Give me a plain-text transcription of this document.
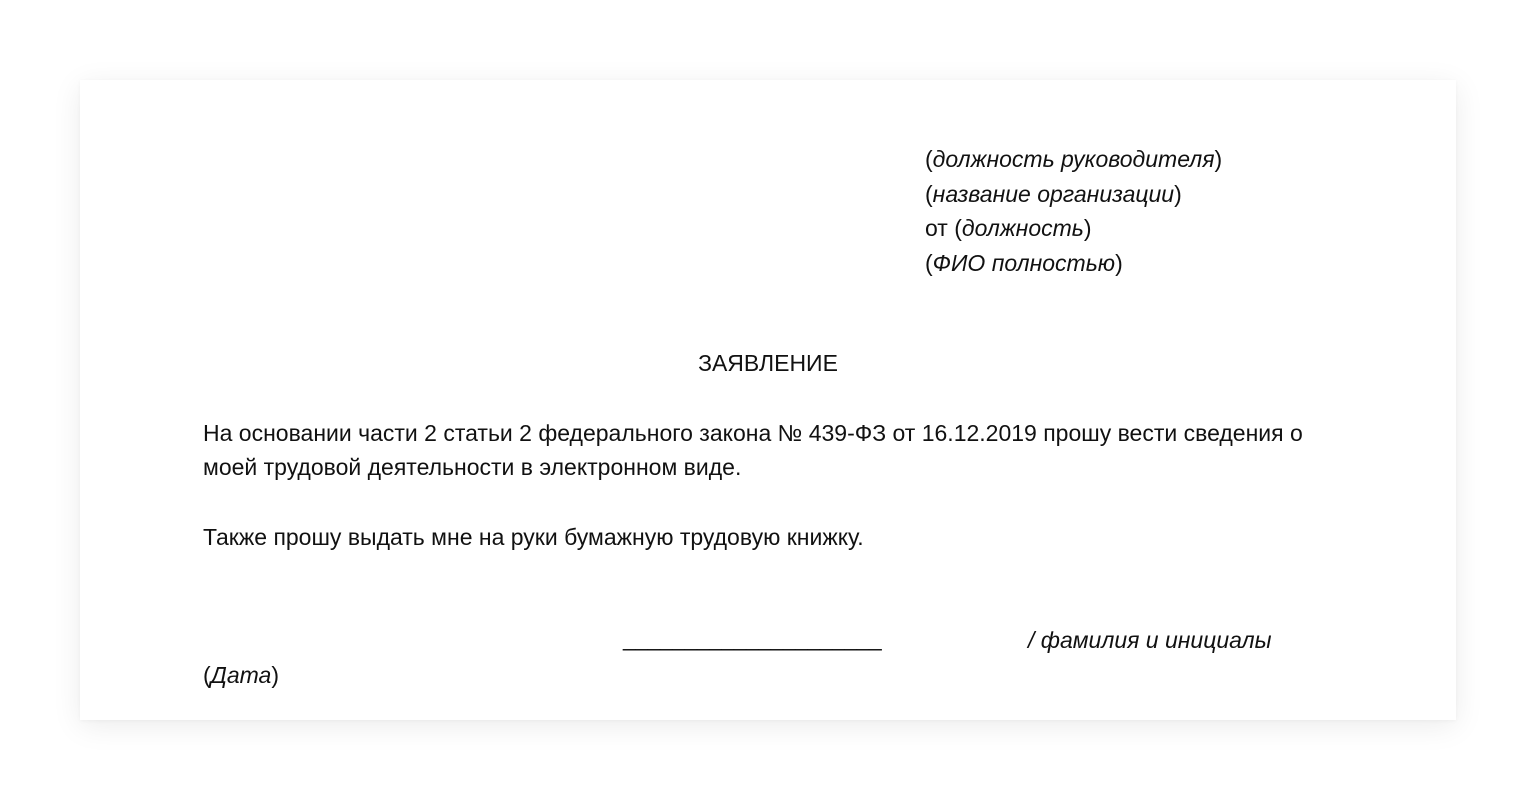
(должность руководителя)
(название организации)
от (должность)
(ФИО полностью)
ЗАЯВЛЕНИЕ
На основании части 2 статьи 2 федерального закона № 439-ФЗ от 16.12.2019 прошу вести сведения о моей трудовой деятельности в электронном виде.
Также прошу выдать мне на руки бумажную трудовую книжку.
_____________________	/ фамилия и инициалы
(Дата)
